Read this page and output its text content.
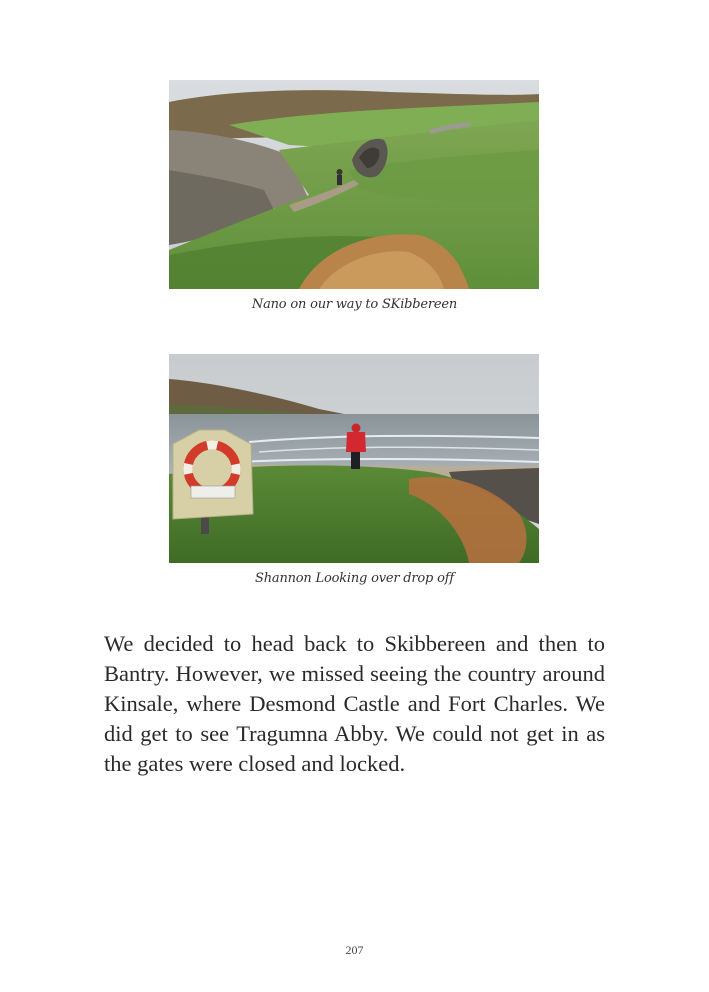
Nano on our way to SKibbereen
Shannon Looking over drop off

We decided to head back to Skibbereen and then to Bantry. However, we missed seeing the country around Kinsale, where Desmond Castle and Fort Charles. We did get to see Tragumna Abby. We could not get in as the gates were closed and locked.

207
